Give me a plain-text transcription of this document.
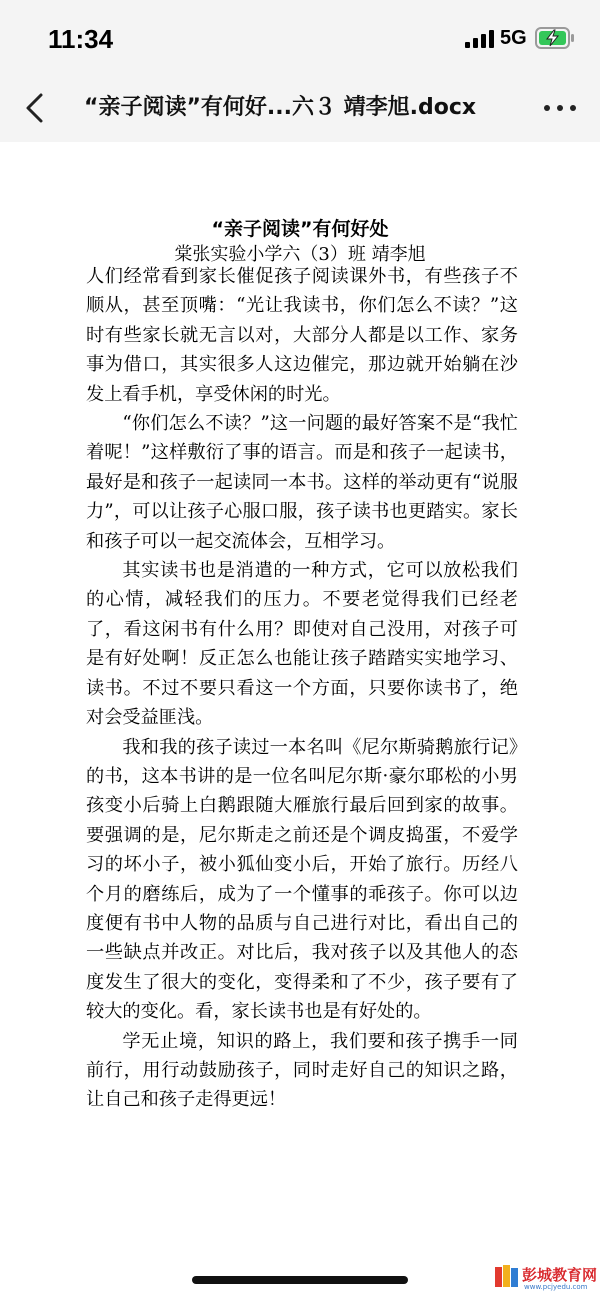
11:34	5G
“亲子阅读”有何好...六３ 靖李旭.docx
“亲子阅读”有何好处
棠张实验小学六（3）班 靖李旭

人们经常看到家长催促孩子阅读课外书，有些孩子不顺从，甚至顶嘴：“光让我读书，你们怎么不读？”这时有些家长就无言以对，大部分人都是以工作、家务事为借口，其实很多人这边催完，那边就开始躺在沙发上看手机，享受休闲的时光。

“你们怎么不读？”这一问题的最好答案不是“我忙着呢！”这样敷衍了事的语言。而是和孩子一起读书，最好是和孩子一起读同一本书。这样的举动更有“说服力”，可以让孩子心服口服，孩子读书也更踏实。家长和孩子可以一起交流体会，互相学习。

其实读书也是消遣的一种方式，它可以放松我们的心情，减轻我们的压力。不要老觉得我们已经老了，看这闲书有什么用？即使对自己没用，对孩子可是有好处啊！反正怎么也能让孩子踏踏实实地学习、读书。不过不要只看这一个方面，只要你读书了，绝对会受益匪浅。

我和我的孩子读过一本名叫《尼尔斯骑鹅旅行记》的书，这本书讲的是一位名叫尼尔斯·豪尔耶松的小男孩变小后骑上白鹅跟随大雁旅行最后回到家的故事。要强调的是，尼尔斯走之前还是个调皮捣蛋，不爱学习的坏小子，被小狐仙变小后，开始了旅行。历经八个月的磨练后，成为了一个懂事的乖孩子。你可以边度便有书中人物的品质与自己进行对比，看出自己的一些缺点并改正。对比后，我对孩子以及其他人的态度发生了很大的变化，变得柔和了不少，孩子要有了较大的变化。看，家长读书也是有好处的。

学无止境，知识的路上，我们要和孩子携手一同前行，用行动鼓励孩子，同时走好自己的知识之路，让自己和孩子走得更远！

彭城教育网
www.pcjyedu.com
